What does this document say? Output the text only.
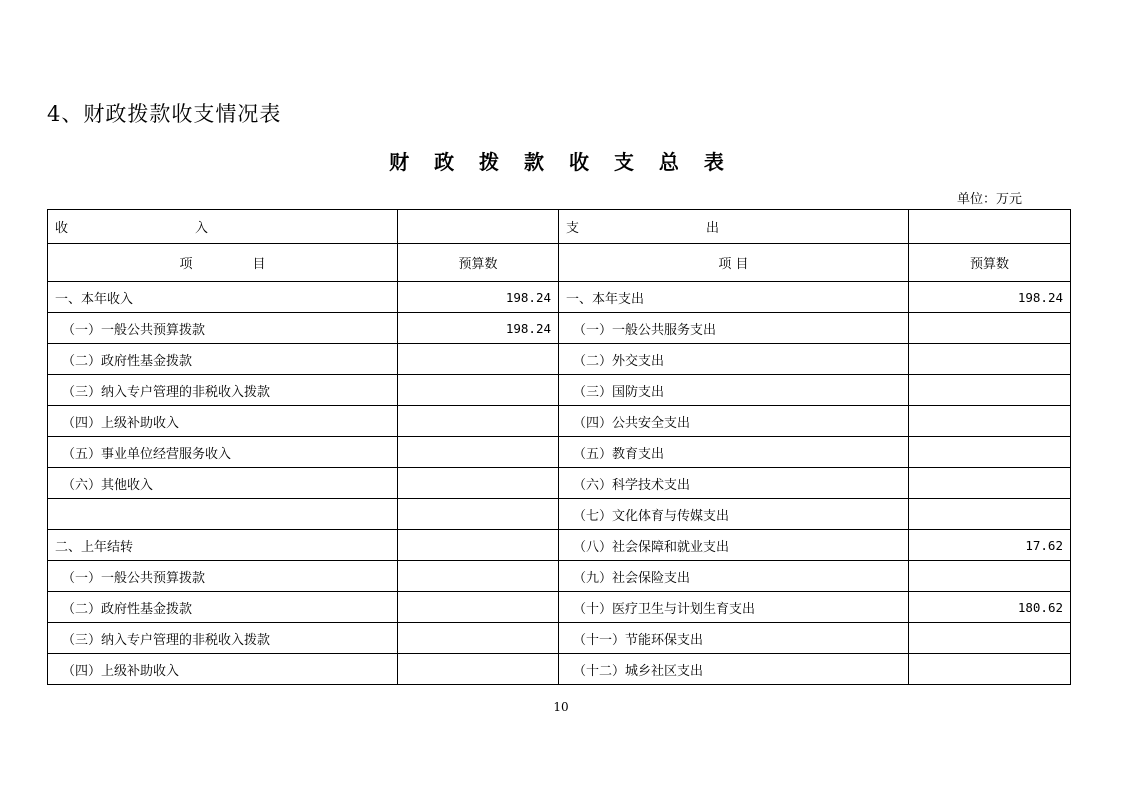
4、财政拨款收支情况表
财 政 拨 款 收 支 总 表
单位：万元
收 入		支 出	
项 目	预算数	项 目	预算数
一、本年收入	198.24	一、本年支出	198.24
（一）一般公共预算拨款	198.24	（一）一般公共服务支出	
（二）政府性基金拨款		（二）外交支出	
（三）纳入专户管理的非税收入拨款		（三）国防支出	
（四）上级补助收入		（四）公共安全支出	
（五）事业单位经营服务收入		（五）教育支出	
（六）其他收入		（六）科学技术支出	
		（七）文化体育与传媒支出	
二、上年结转		（八）社会保障和就业支出	17.62
（一）一般公共预算拨款		（九）社会保险支出	
（二）政府性基金拨款		（十）医疗卫生与计划生育支出	180.62
（三）纳入专户管理的非税收入拨款		（十一）节能环保支出	
（四）上级补助收入		（十二）城乡社区支出	
10
